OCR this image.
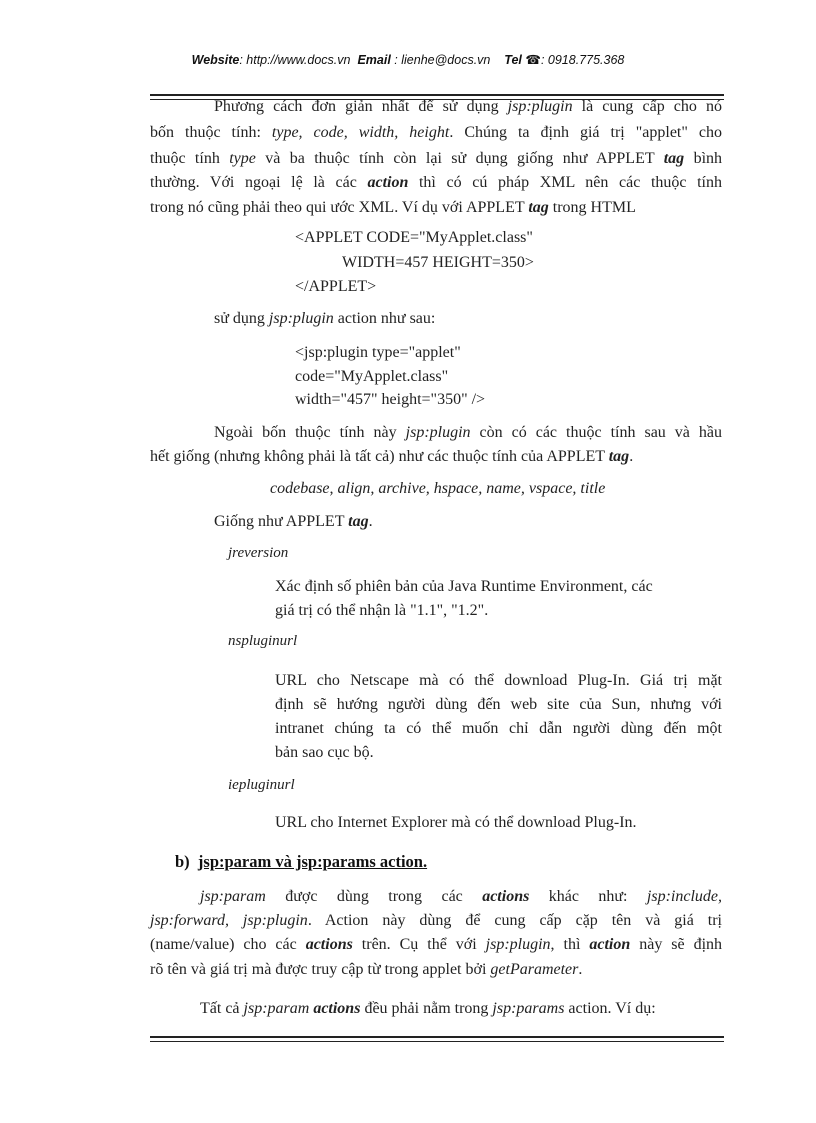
Website: http://www.docs.vn Email : lienhe@docs.vn Tel ☎: 0918.775.368
Phương cách đơn giản nhất để sử dụng jsp:plugin là cung cấp cho nó
bốn thuộc tính: type, code, width, height. Chúng ta định giá trị "applet" cho
thuộc tính type và ba thuộc tính còn lại sử dụng giống như APPLET tag bình
thường. Với ngoại lệ là các action thì có cú pháp XML nên các thuộc tính
trong nó cũng phải theo qui ước XML. Ví dụ với APPLET tag trong HTML
<APPLET CODE="MyApplet.class"
WIDTH=457 HEIGHT=350>
</APPLET>
sử dụng jsp:plugin action như sau:
<jsp:plugin type="applet"
code="MyApplet.class"
width="457" height="350" />
Ngoài bốn thuộc tính này jsp:plugin còn có các thuộc tính sau và hầu
hết giống (nhưng không phải là tất cả) như các thuộc tính của APPLET tag.
codebase, align, archive, hspace, name, vspace, title
Giống như APPLET tag.
jreversion
Xác định số phiên bản của Java Runtime Environment, các
giá trị có thể nhận là "1.1", "1.2".
nspluginurl
URL cho Netscape mà có thể download Plug-In. Giá trị mặt
định sẽ hướng người dùng đến web site của Sun, nhưng với
intranet chúng ta có thể muốn chỉ dẫn người dùng đến một
bản sao cục bộ.
iepluginurl
URL cho Internet Explorer mà có thể download Plug-In.
b) jsp:param và jsp:params action.
jsp:param được dùng trong các actions khác như: jsp:include,
jsp:forward, jsp:plugin. Action này dùng để cung cấp cặp tên và giá trị
(name/value) cho các actions trên. Cụ thể với jsp:plugin, thì action này sẽ định
rõ tên và giá trị mà được truy cập từ trong applet bởi getParameter.
Tất cả jsp:param actions đều phải nằm trong jsp:params action. Ví dụ:
